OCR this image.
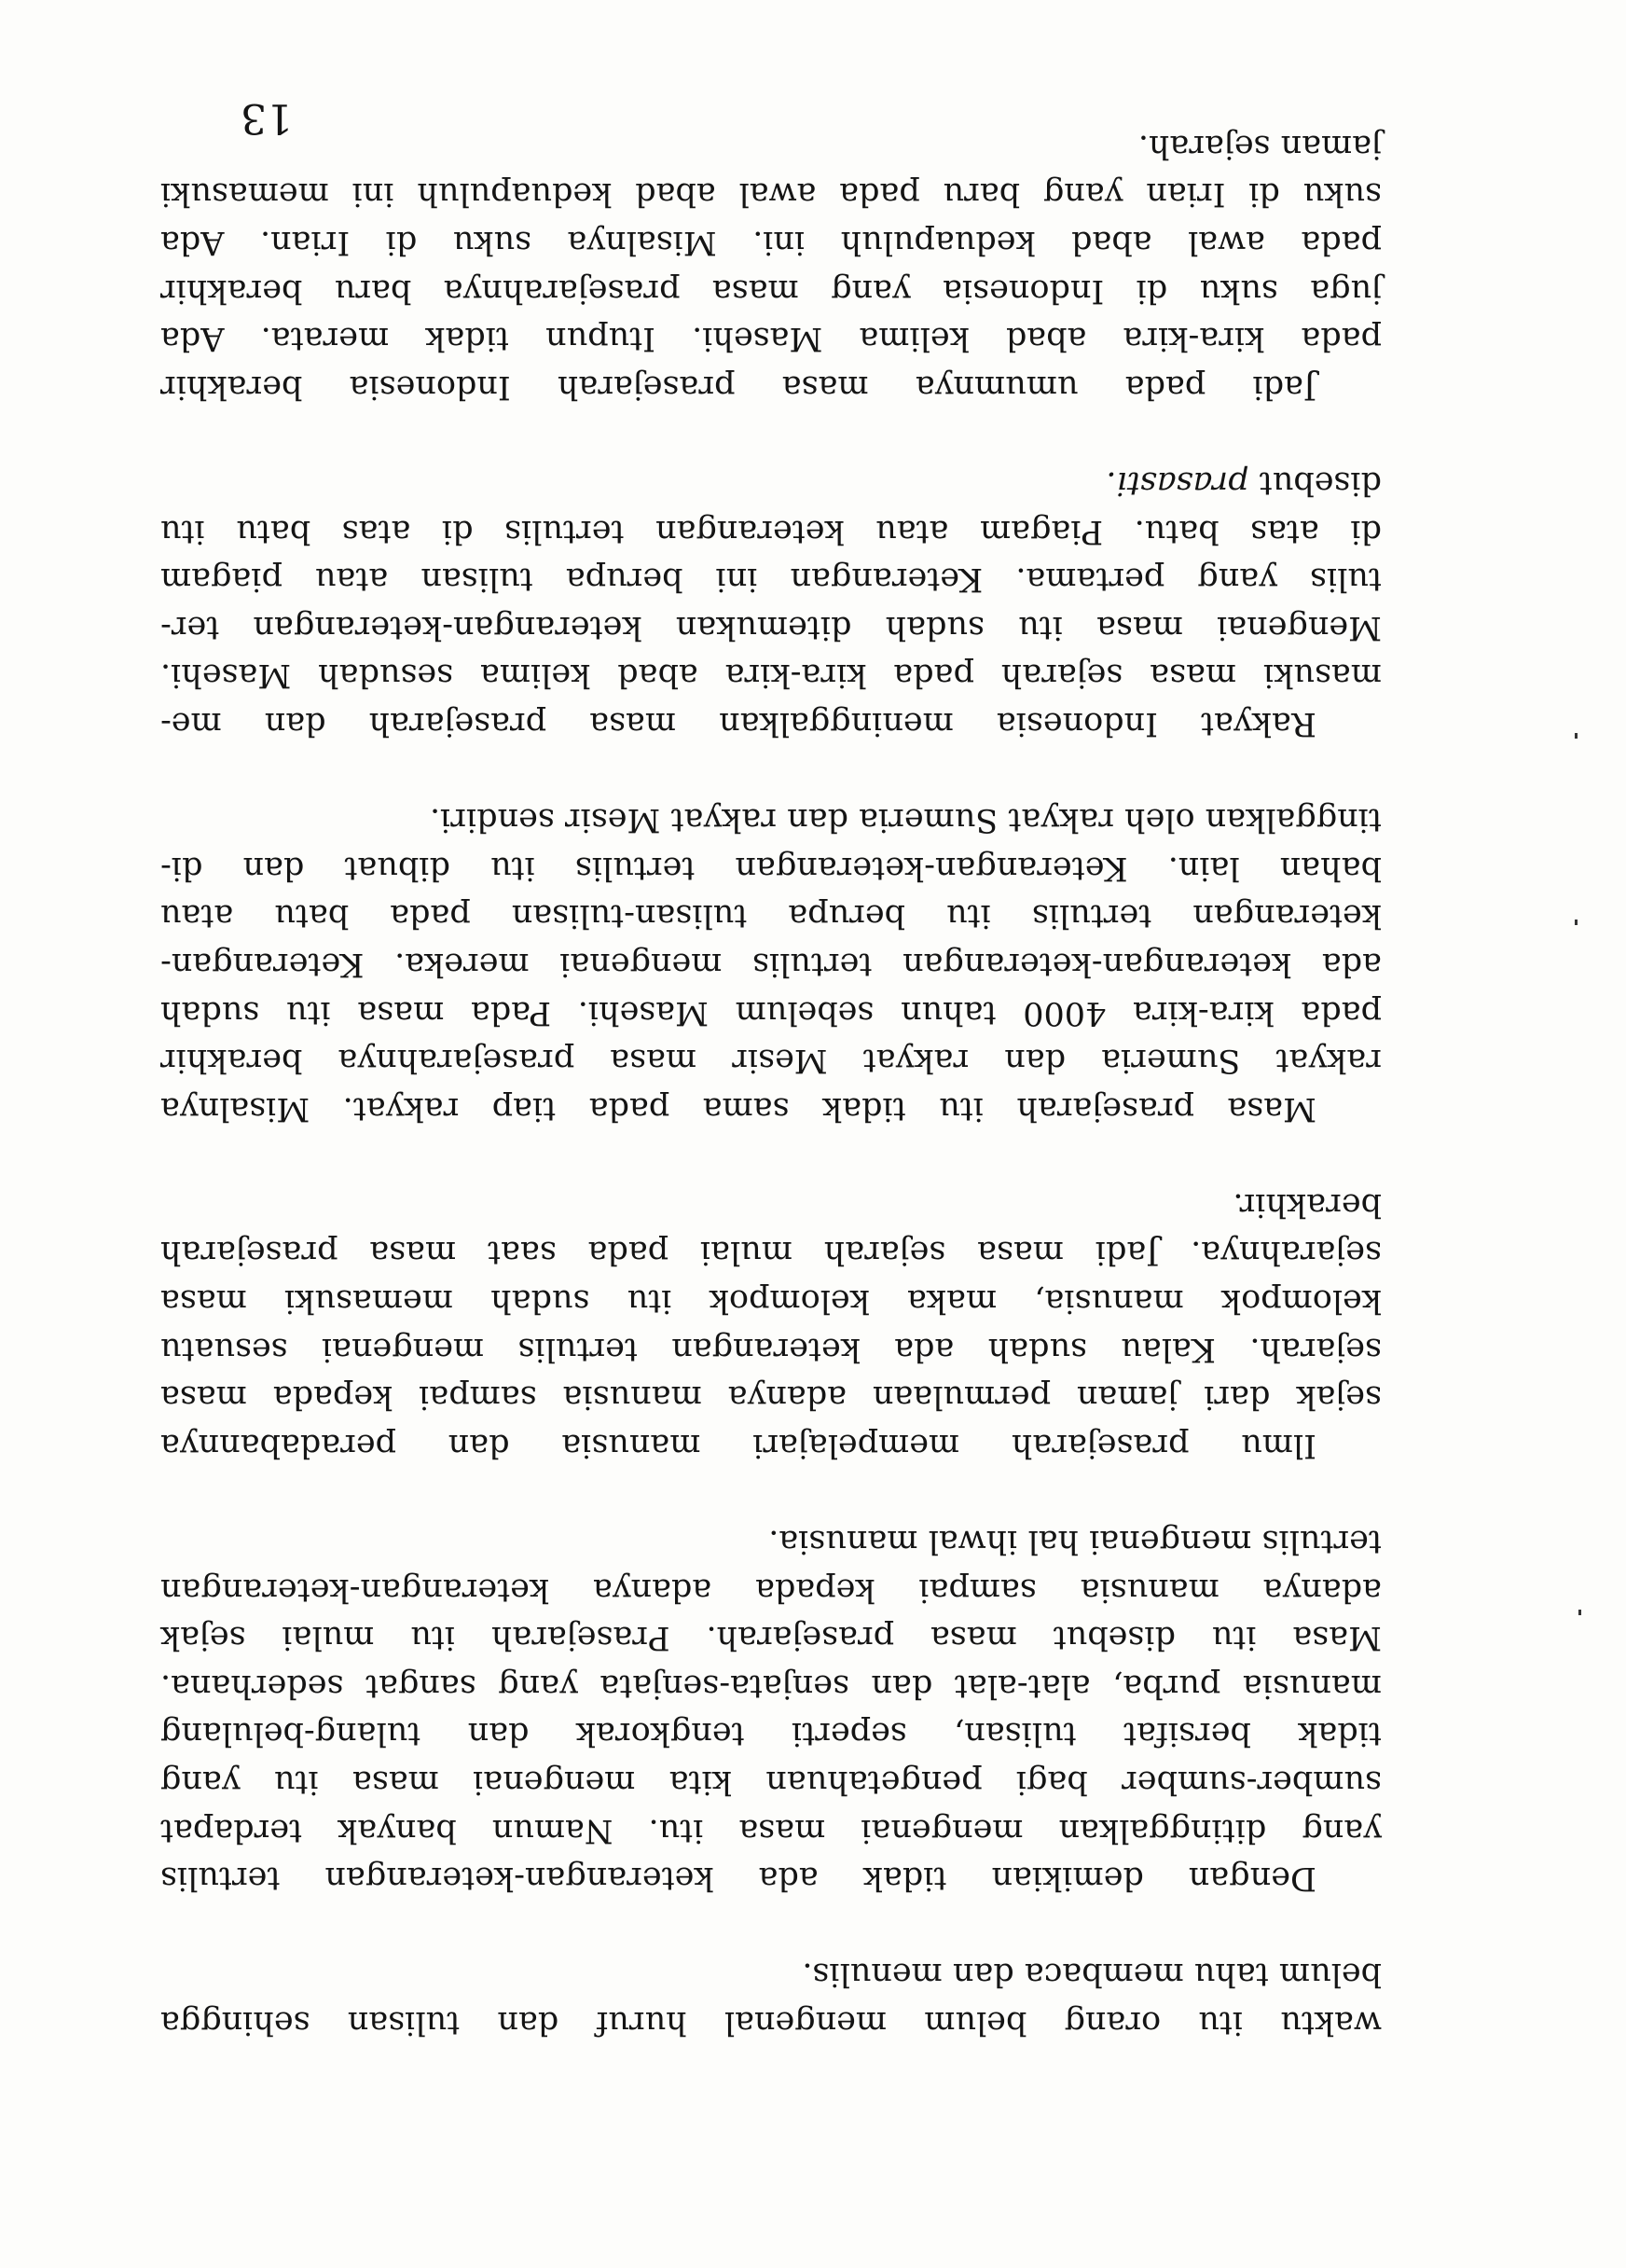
13

waktu itu orang belum mengenal huruf dan tulisan sehingga
belum tahu membaca dan menulis.

Dengan demikian tidak ada keterangan-keterangan tertulis
yang ditinggalkan mengenai masa itu. Namun banyak terdapat
sumber-sumber bagi pengetahuan kita mengenai masa itu yang
tidak bersifat tulisan, seperti tengkorak dan tulang-belulang
manusia purba, alat-alat dan senjata-senjata yang sangat sederhana.
Masa itu disebut masa prasejarah. Prasejarah itu mulai sejak
adanya manusia sampai kepada adanya keterangan-keterangan
tertulis mengenai hal ihwal manusia.

Ilmu prasejarah mempelajari manusia dan peradabannya
sejak dari jaman permulaan adanya manusia sampai kepada masa
sejarah. Kalau sudah ada keterangan tertulis mengenai sesuatu
kelompok manusia, maka kelompok itu sudah memasuki masa
sejarahnya. Jadi masa sejarah mulai pada saat masa prasejarah
berakhir.

Masa prasejarah itu tidak sama pada tiap rakyat. Misalnya
rakyat Sumeria dan rakyat Mesir masa prasejarahnya berakhir
pada kira-kira 4000 tahun sebelum Masehi. Pada masa itu sudah
ada keterangan-keterangan tertulis mengenai mereka. Keterangan-
keterangan tertulis itu berupa tulisan-tulisan pada batu atau
bahan lain. Keterangan-keterangan tertulis itu dibuat dan di-
tinggalkan oleh rakyat Sumeria dan rakyat Mesir sendiri.

Rakyat Indonesia meninggalkan masa prasejarah dan me-
masuki masa sejarah pada kira-kira abad kelima sesudah Masehi.
Mengenai masa itu sudah ditemukan keterangan-keterangan ter-
tulis yang pertama. Keterangan ini berupa tulisan atau piagam
di atas batu. Piagam atau keterangan tertulis di atas batu itu
disebut prasasti.

Jadi pada umumnya masa prasejarah Indonesia berakhir
pada kira-kira abad kelima Masehi. Itupun tidak merata. Ada
juga suku di Indonesia yang masa prasejarahnya baru berakhir
pada awal abad keduapuluh ini. Misalnya suku di Irian. Ada
suku di Irian yang baru pada awal abad keduapuluh ini memasuki
jaman sejarah.
